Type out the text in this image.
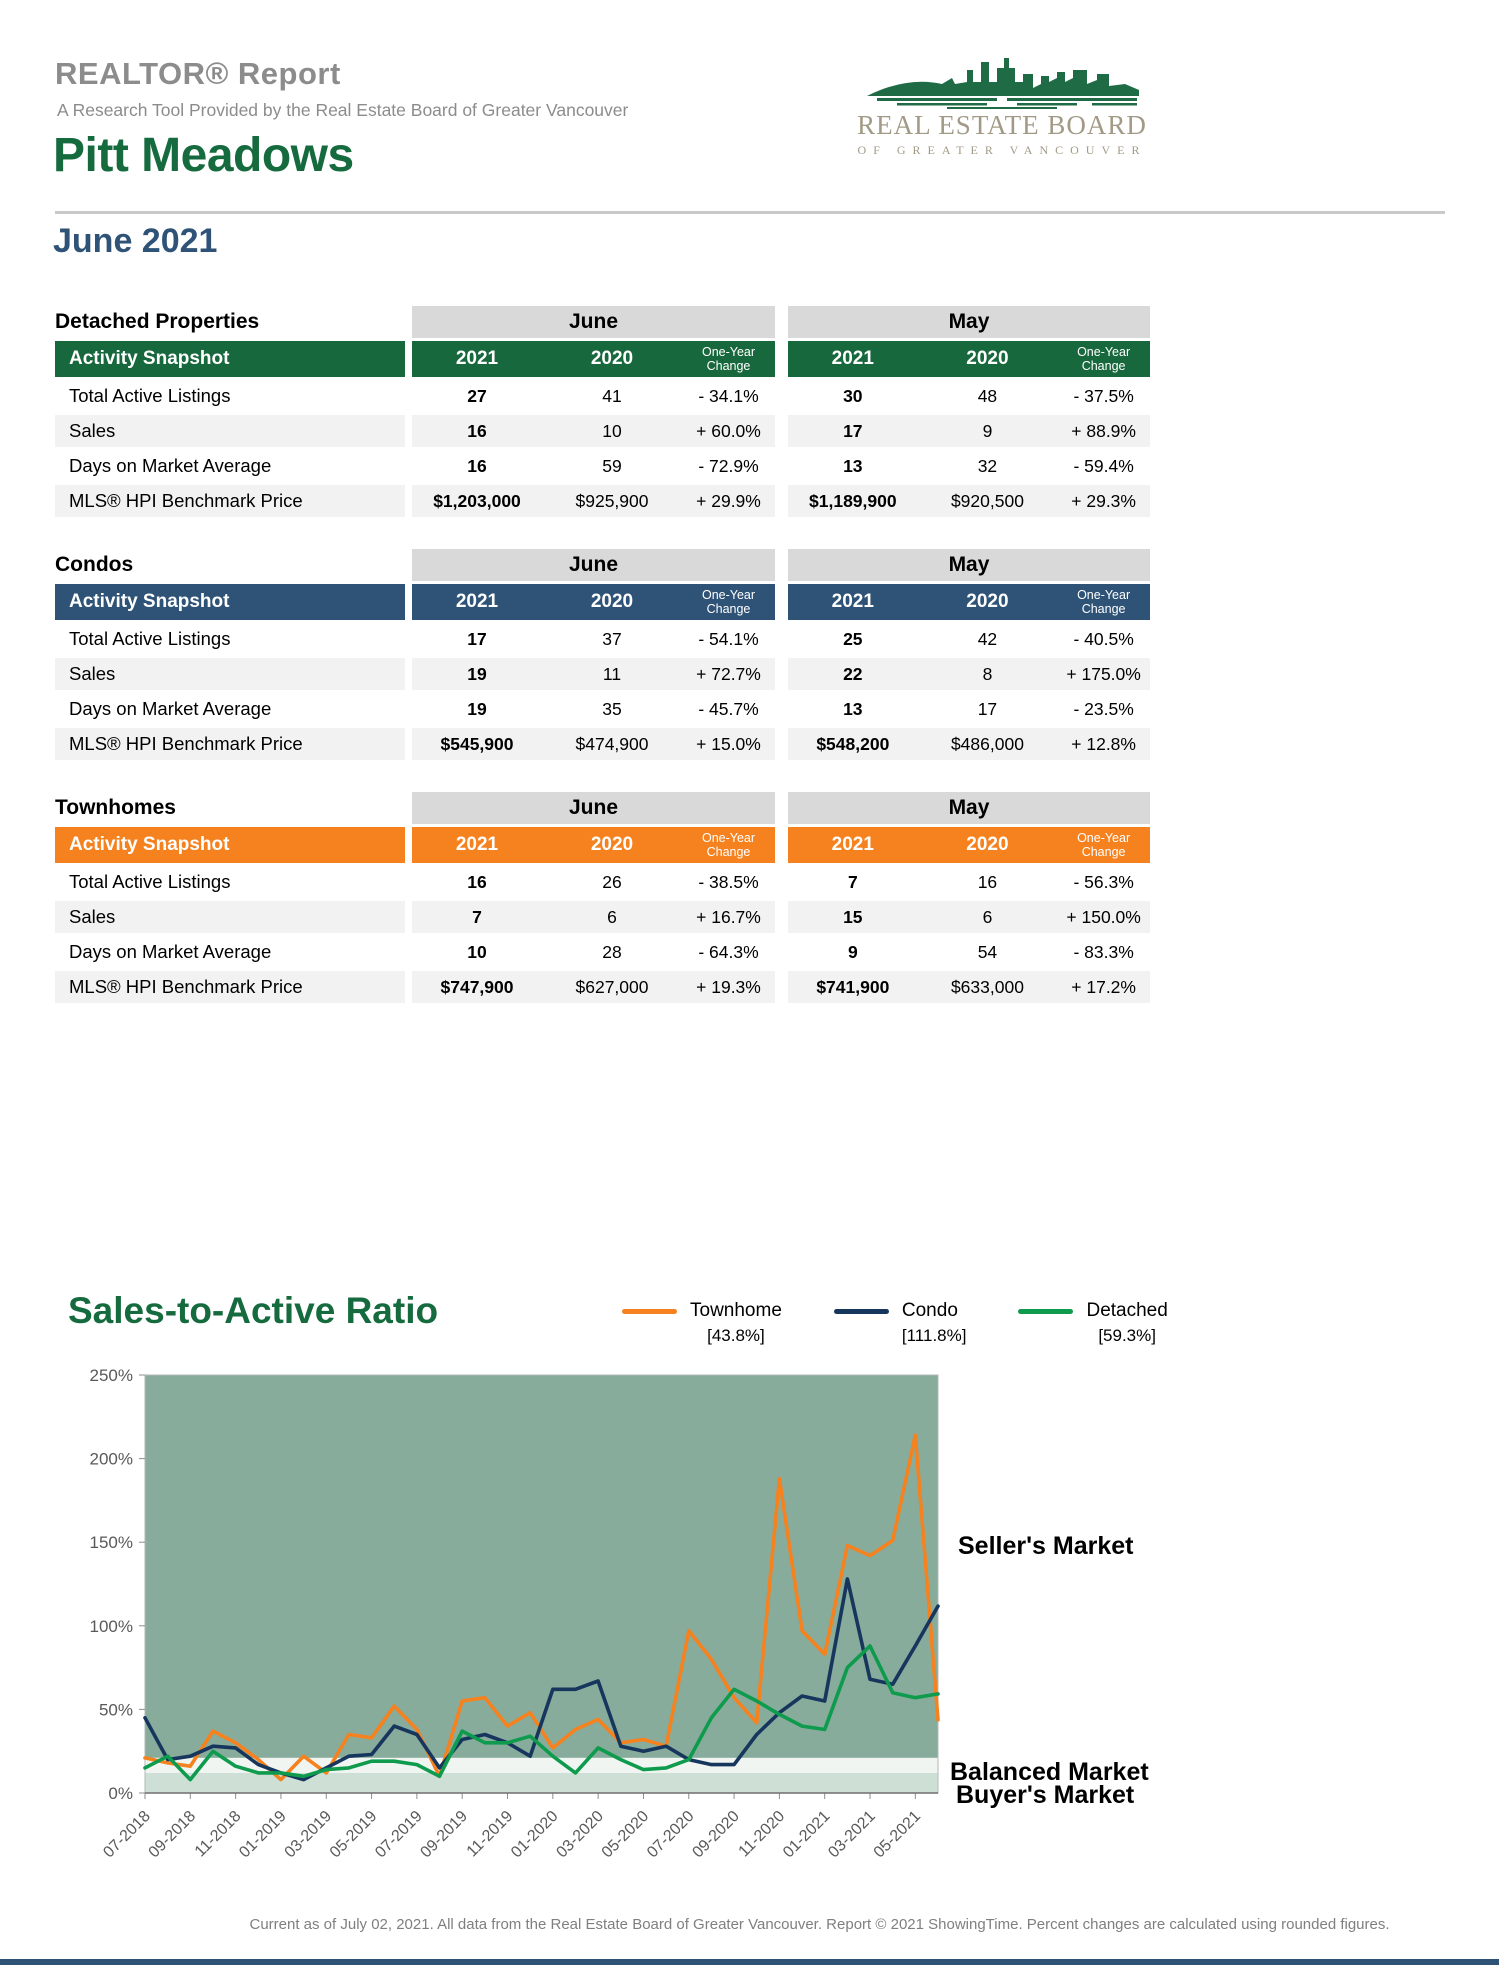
REALTOR® Report
A Research Tool Provided by the Real Estate Board of Greater Vancouver	REAL ESTATE BOARD
OF GREATER VANCOUVER
Pitt Meadows
June 2021
Detached Properties	June	May
Activity Snapshot	2021	2020	One-Year Change	2021	2020	One-Year Change
Total Active Listings	27	41	- 34.1%	30	48	- 37.5%
Sales	16	10	+ 60.0%	17	9	+ 88.9%
Days on Market Average	16	59	- 72.9%	13	32	- 59.4%
MLS® HPI Benchmark Price	$1,203,000	$925,900	+ 29.9%	$1,189,900	$920,500	+ 29.3%
Condos	June	May
Activity Snapshot	2021	2020	One-Year Change	2021	2020	One-Year Change
Total Active Listings	17	37	- 54.1%	25	42	- 40.5%
Sales	19	11	+ 72.7%	22	8	+ 175.0%
Days on Market Average	19	35	- 45.7%	13	17	- 23.5%
MLS® HPI Benchmark Price	$545,900	$474,900	+ 15.0%	$548,200	$486,000	+ 12.8%
Townhomes	June	May
Activity Snapshot	2021	2020	One-Year Change	2021	2020	One-Year Change
Total Active Listings	16	26	- 38.5%	7	16	- 56.3%
Sales	7	6	+ 16.7%	15	6	+ 150.0%
Days on Market Average	10	28	- 64.3%	9	54	- 83.3%
MLS® HPI Benchmark Price	$747,900	$627,000	+ 19.3%	$741,900	$633,000	+ 17.2%
Sales-to-Active Ratio	Townhome
[43.8%]
Condo
[111.8%]
Detached
[59.3%]
0%
50%
100%
150%
200%
250%
07-2018
09-2018
11-2018
01-2019
03-2019
05-2019
07-2019
09-2019
11-2019
01-2020
03-2020
05-2020
07-2020
09-2020
11-2020
01-2021
03-2021
05-2021
Seller's Market
Balanced Market
Buyer's Market
Current as of July 02, 2021. All data from the Real Estate Board of Greater Vancouver. Report © 2021 ShowingTime. Percent changes are calculated using rounded figures.
